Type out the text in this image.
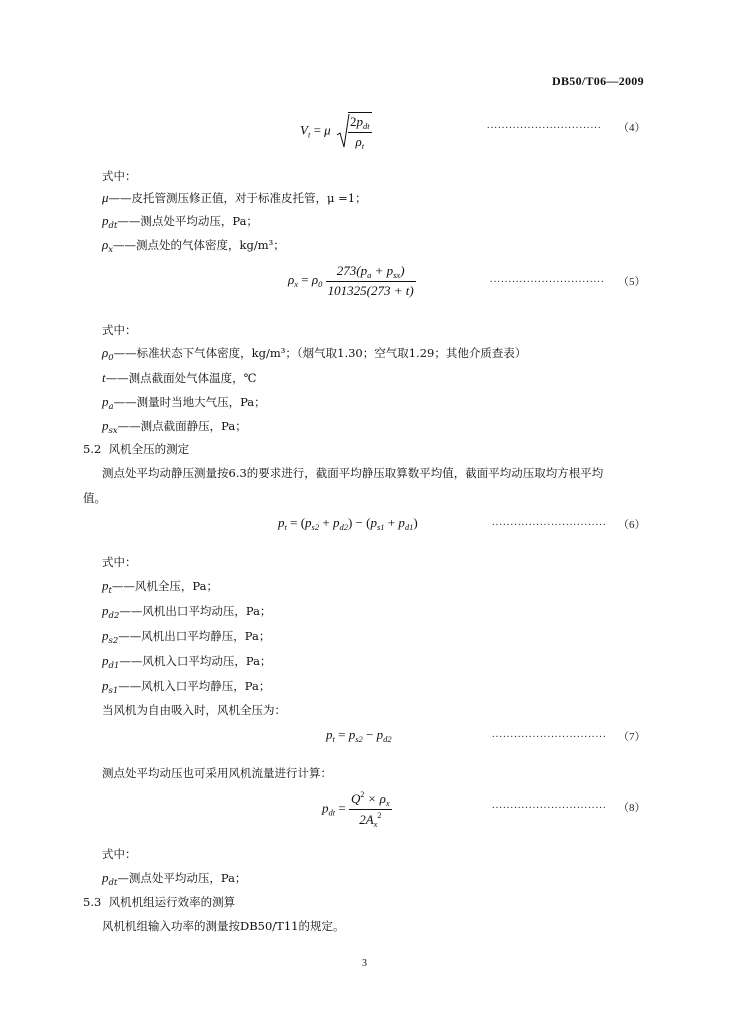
DB50/T06—2009
$V_t = \mu \frac{2p_{dt}}{\rho_t}$	............................... （4）
式中：
μ——皮托管测压修正值，对于标准皮托管，μ =1；
$p_{dt}——$测点处平均动压，Pa；
$\rho_x——$测点处的气体密度，kg/m³；
$\rho_x = \rho_0 \frac{273(p_a + p_{sx})}{101325(273 + t)}$	............................... （5）
式中：
$\rho_0——$标准状态下气体密度，kg/m³；（烟气取1.30；空气取1.29；其他介质查表）
t——测点截面处气体温度，℃
$p_a——$测量时当地大气压，Pa；
$p_{sx}——$测点截面静压，Pa；
5.2 风机全压的测定
测点处平均动静压测量按6.3的要求进行，截面平均静压取算数平均值，截面平均动压取均方根平均
值。
$p_t = (p_{s2} + p_{d2}) - (p_{s1} + p_{d1})$	............................... （6）
式中：
$p_t——$风机全压，Pa；
$p_{d2}——$风机出口平均动压，Pa；
$p_{s2}——$风机出口平均静压，Pa；
$p_{d1}——$风机入口平均动压，Pa；
$p_{s1}——$风机入口平均静压，Pa；
当风机为自由吸入时，风机全压为：
$p_t = p_{s2} - p_{d2}$	............................... （7）
测点处平均动压也可采用风机流量进行计算：
$p_{dt} = \frac{Q^2 \times \rho_x}{2A_x^2}$	............................... （8）
式中：
$p_{dt}—$测点处平均动压，Pa；
5.3 风机机组运行效率的测算
风机机组输入功率的测量按DB50/T11的规定。
3
